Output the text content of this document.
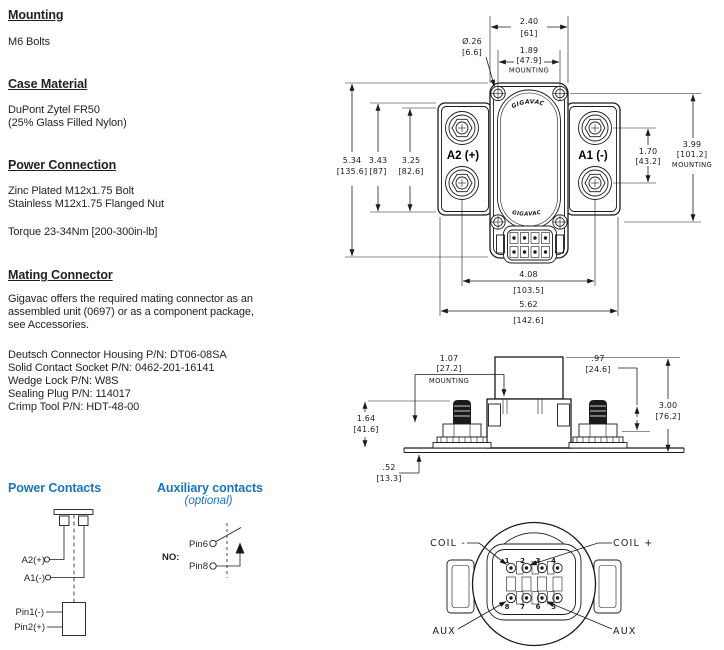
Mounting
M6 Bolts
Case Material
DuPont Zytel FR50
(25% Glass Filled Nylon)
Power Connection
Zinc Plated M12x1.75 Bolt
Stainless M12x1.75 Flanged Nut
Torque 23-34Nm [200-300in-lb]
Mating Connector
Gigavac offers the required mating connector as an
assembled unit (0697) or as a component package,
see Accessories.
Deutsch Connector Housing P/N: DT06-08SA
Solid Contact Socket P/N: 0462-201-16141
Wedge Lock P/N: W8S
Sealing Plug P/N: 114017
Crimp Tool P/N: HDT-48-00
Power Contacts	Auxiliary contacts
(optional)
GIGAVAC
GIGAVAC
A2 (+)	A1 (-)
2.40
[61]
1.89
[47.9]
MOUNTING
Ø.26
[6.6]
5.34
[135.6]
3.43
[87]
3.25
[82.6]
1.70
[43.2]
3.99
[101.2]
MOUNTING
4.08
[103.5]
5.62
[142.6]
1.07
[27.2]
MOUNTING
.97
[24.6]
3.00
[76.2]
1.64
[41.6]
.52
[13.3]
1 2 3 4
8 7 6 5
COIL -	COIL +
AUX	AUX
A2(+)
A1(-)
Pin1(-)
Pin2(+)
NO:
Pin6
Pin8
